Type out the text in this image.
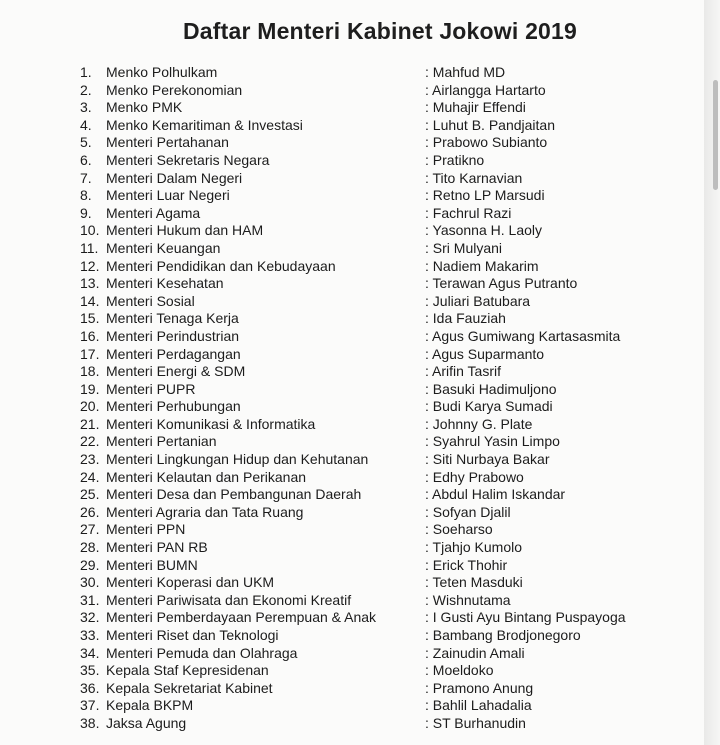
Daftar Menteri Kabinet Jokowi 2019
1.	Menko Polhulkam	: Mahfud MD
2.	Menko Perekonomian	: Airlangga Hartarto
3.	Menko PMK	: Muhajir Effendi
4.	Menko Kemaritiman & Investasi	: Luhut B. Pandjaitan
5.	Menteri Pertahanan	: Prabowo Subianto
6.	Menteri Sekretaris Negara	: Pratikno
7.	Menteri Dalam Negeri	: Tito Karnavian
8.	Menteri Luar Negeri	: Retno LP Marsudi
9.	Menteri Agama	: Fachrul Razi
10. Menteri Hukum dan HAM	: Yasonna H. Laoly
11. Menteri Keuangan	: Sri Mulyani
12. Menteri Pendidikan dan Kebudayaan	: Nadiem Makarim
13. Menteri Kesehatan	: Terawan Agus Putranto
14. Menteri Sosial	: Juliari Batubara
15. Menteri Tenaga Kerja	: Ida Fauziah
16. Menteri Perindustrian	: Agus Gumiwang Kartasasmita
17. Menteri Perdagangan	: Agus Suparmanto
18. Menteri Energi & SDM	: Arifin Tasrif
19. Menteri PUPR	: Basuki Hadimuljono
20. Menteri Perhubungan	: Budi Karya Sumadi
21. Menteri Komunikasi & Informatika	: Johnny G. Plate
22. Menteri Pertanian	: Syahrul Yasin Limpo
23. Menteri Lingkungan Hidup dan Kehutanan	: Siti Nurbaya Bakar
24. Menteri Kelautan dan Perikanan	: Edhy Prabowo
25. Menteri Desa dan Pembangunan Daerah	: Abdul Halim Iskandar
26. Menteri Agraria dan Tata Ruang	: Sofyan Djalil
27. Menteri PPN	: Soeharso
28. Menteri PAN RB	: Tjahjo Kumolo
29. Menteri BUMN	: Erick Thohir
30. Menteri Koperasi dan UKM	: Teten Masduki
31. Menteri Pariwisata dan Ekonomi Kreatif	: Wishnutama
32. Menteri Pemberdayaan Perempuan & Anak	: I Gusti Ayu Bintang Puspayoga
33. Menteri Riset dan Teknologi	: Bambang Brodjonegoro
34. Menteri Pemuda dan Olahraga	: Zainudin Amali
35. Kepala Staf Kepresidenan	: Moeldoko
36. Kepala Sekretariat Kabinet	: Pramono Anung
37. Kepala BKPM	: Bahlil Lahadalia
38. Jaksa Agung	: ST Burhanudin
